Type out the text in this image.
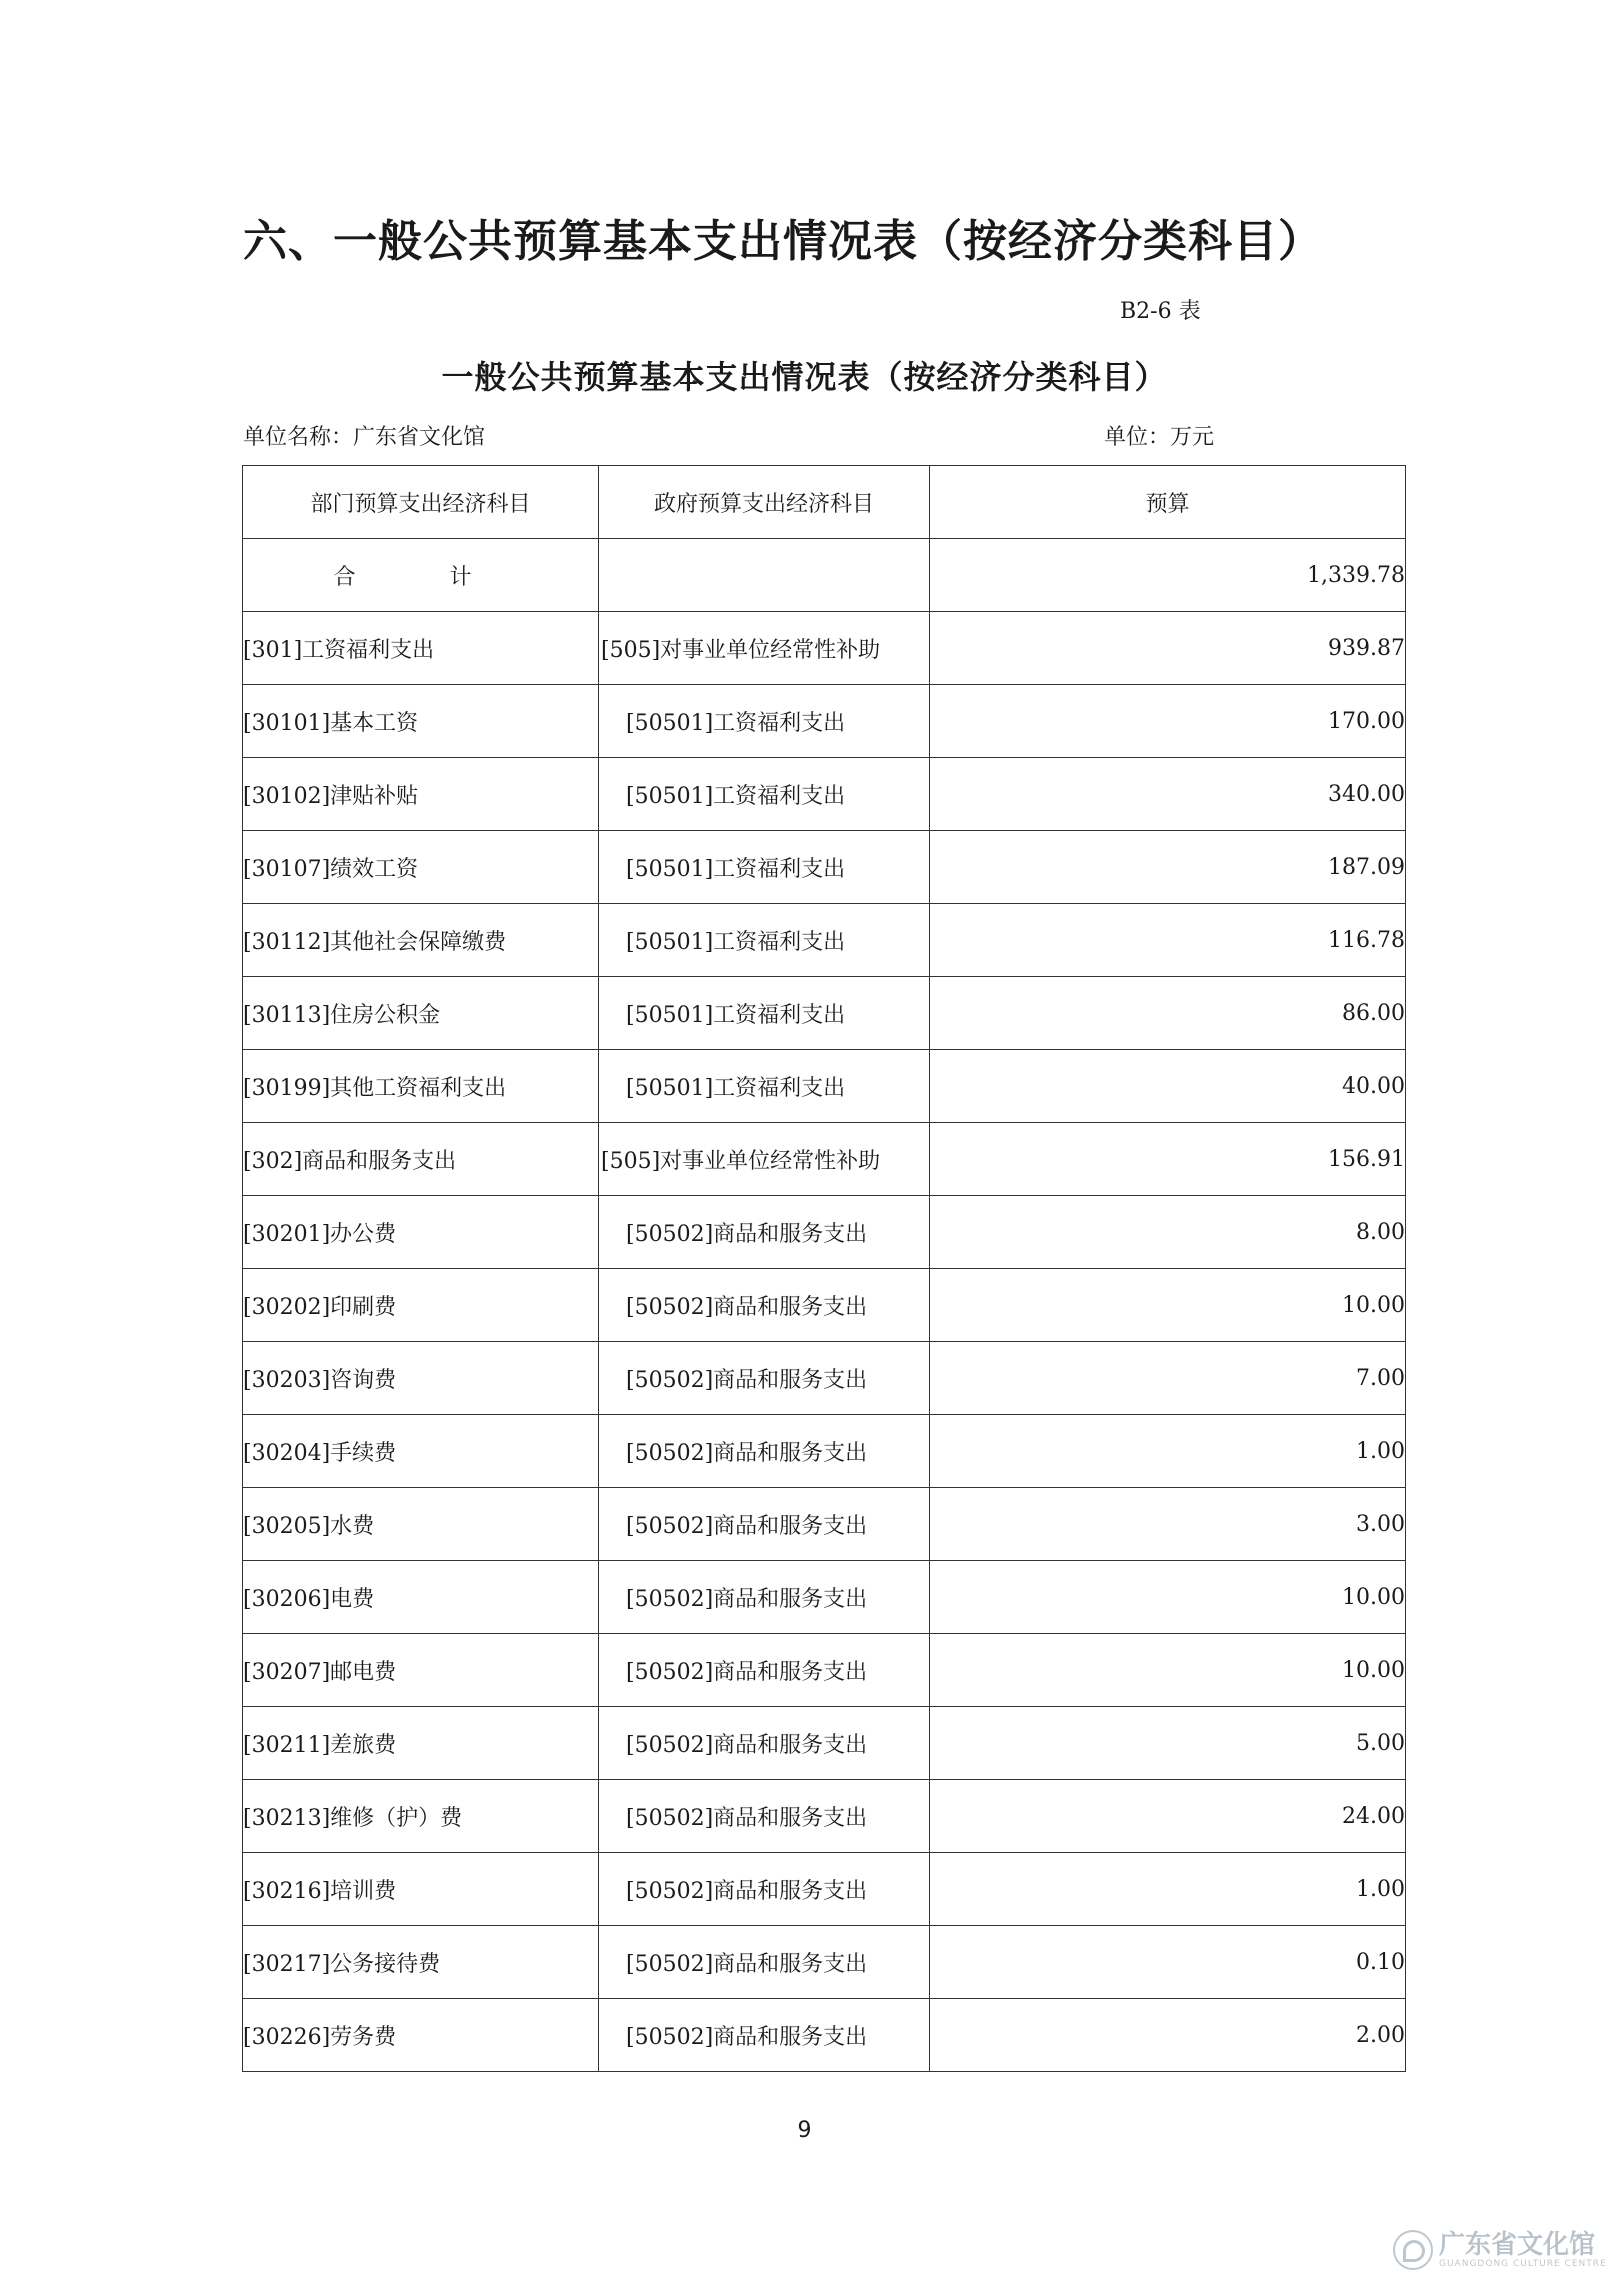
六、一般公共预算基本支出情况表（按经济分类科目）
B2-6 表
一般公共预算基本支出情况表（按经济分类科目）
单位名称：广东省文化馆	单位：万元
部门预算支出经济科目	政府预算支出经济科目	预算
合　计		1,339.78
[301]工资福利支出	[505]对事业单位经常性补助	939.87
[30101]基本工资	[50501]工资福利支出	170.00
[30102]津贴补贴	[50501]工资福利支出	340.00
[30107]绩效工资	[50501]工资福利支出	187.09
[30112]其他社会保障缴费	[50501]工资福利支出	116.78
[30113]住房公积金	[50501]工资福利支出	86.00
[30199]其他工资福利支出	[50501]工资福利支出	40.00
[302]商品和服务支出	[505]对事业单位经常性补助	156.91
[30201]办公费	[50502]商品和服务支出	8.00
[30202]印刷费	[50502]商品和服务支出	10.00
[30203]咨询费	[50502]商品和服务支出	7.00
[30204]手续费	[50502]商品和服务支出	1.00
[30205]水费	[50502]商品和服务支出	3.00
[30206]电费	[50502]商品和服务支出	10.00
[30207]邮电费	[50502]商品和服务支出	10.00
[30211]差旅费	[50502]商品和服务支出	5.00
[30213]维修（护）费	[50502]商品和服务支出	24.00
[30216]培训费	[50502]商品和服务支出	1.00
[30217]公务接待费	[50502]商品和服务支出	0.10
[30226]劳务费	[50502]商品和服务支出	2.00
9
广东省文化馆
GUANGDONG CULTURE CENTRE
